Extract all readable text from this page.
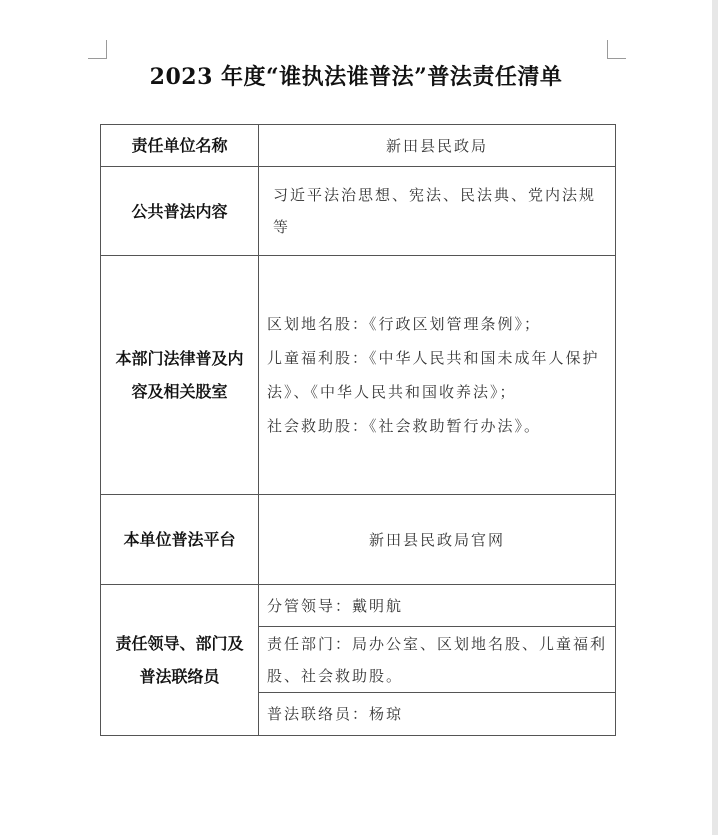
2023 年度“谁执法谁普法”普法责任清单
责任单位名称	新田县民政局
公共普法内容	习近平法治思想、宪法、民法典、党内法规等
本部门法律普及内容及相关股室	区划地名股：《行政区划管理条例》；
儿童福利股：《中华人民共和国未成年人保护法》、《中华人民共和国收养法》；
社会救助股：《社会救助暂行办法》。

本单位普法平台	新田县民政局官网
责任领导、部门及普法联络员	分管领导：戴明航
	责任部门：局办公室、区划地名股、儿童福利股、社会救助股。
	普法联络员：杨琼
